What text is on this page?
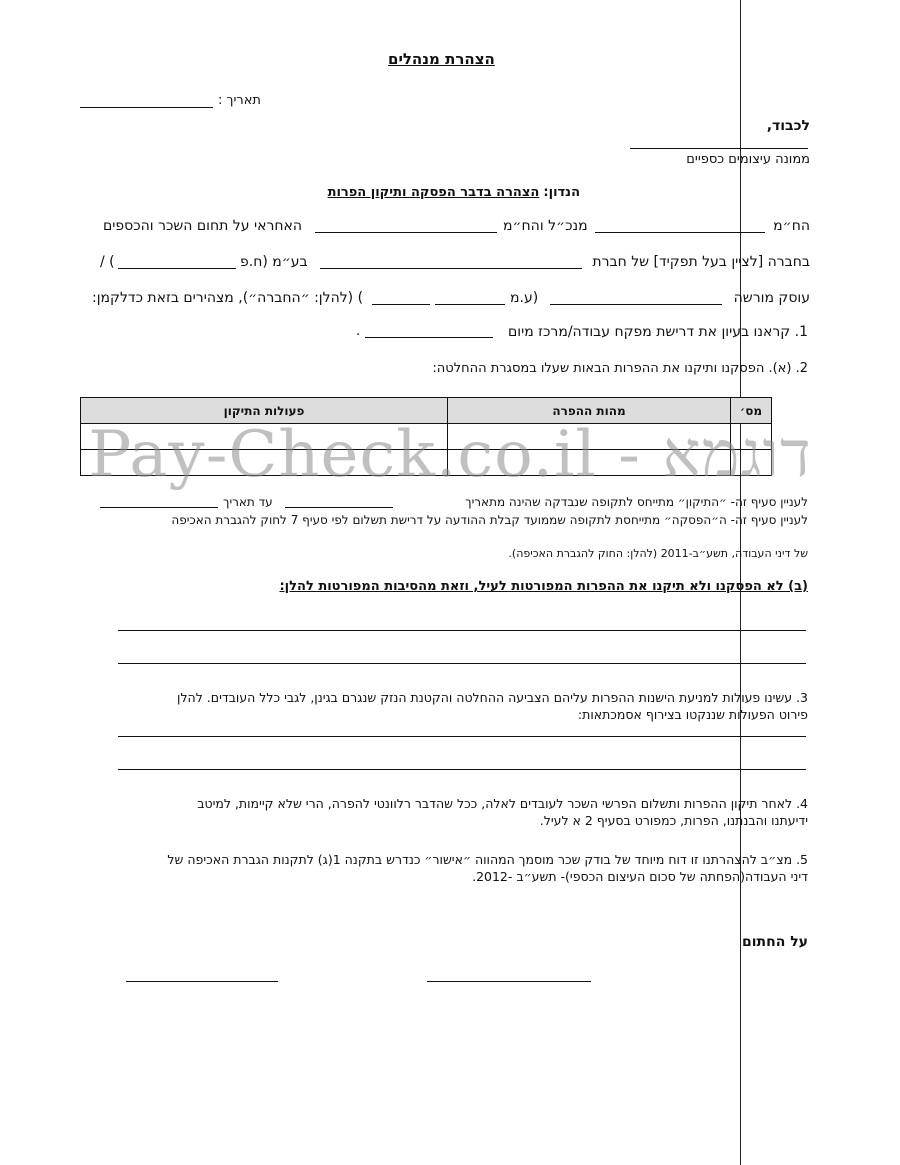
הצהרת מנהלים
תאריך :
לכבוד,
ממונה עיצומים כספיים
הנדון: הצהרה בדבר הפסקה ותיקון הפרות
הח״מ
מנכ״ל והח״מ
האחראי על תחום השכר והכספים
בחברה [לציין בעל תפקיד] של חברת
בע״מ (ח.פ
) /
עוסק מורשה
(ע.מ
) (להלן: ״החברה״), מצהירים בזאת כדלקמן:
1. קראנו בעיון את דרישת מפקח עבודה/מרכז מיום
.
2. (א). הפסקנו ותיקנו את ההפרות הבאות שעלו במסגרת ההחלטה:
מס׳	מהות ההפרה	פעולות התיקון

Pay-Check.co.il - דוגמא
לעניין סעיף זה- ״התיקון״ מתייחס לתקופה שנבדקה שהינה מתאריך
עד תאריך
לעניין סעיף זה- ה״הפסקה״ מתייחסת לתקופה שממועד קבלת ההודעה על דרישת תשלום לפי סעיף 7 לחוק להגברת האכיפה
של דיני העבודה, תשע״ב-2011 (להלן: החוק להגברת האכיפה).
(ב) לא הפסקנו ולא תיקנו את ההפרות המפורטות לעיל, וזאת מהסיבות המפורטות להלן:
3. עשינו פעולות למניעת הישנות ההפרות עליהם הצביעה ההחלטה והקטנת הנזק שנגרם בגינן, לגבי כלל העובדים. להלן
פירוט הפעולות שננקטו בצירוף אסמכתאות:
4. לאחר תיקון ההפרות ותשלום הפרשי השכר לעובדים לאלה, ככל שהדבר רלוונטי להפרה, הרי שלא קיימות, למיטב
ידיעתנו והבנתנו, הפרות, כמפורט בסעיף 2 א לעיל.
5. מצ״ב להצהרתנו זו דוח מיוחד של בודק שכר מוסמך המהווה ״אישור״ כנדרש בתקנה 1(ג) לתקנות הגברת האכיפה של
דיני העבודה(הפחתה של סכום העיצום הכספי)- תשע״ב -2012.
על החתום
